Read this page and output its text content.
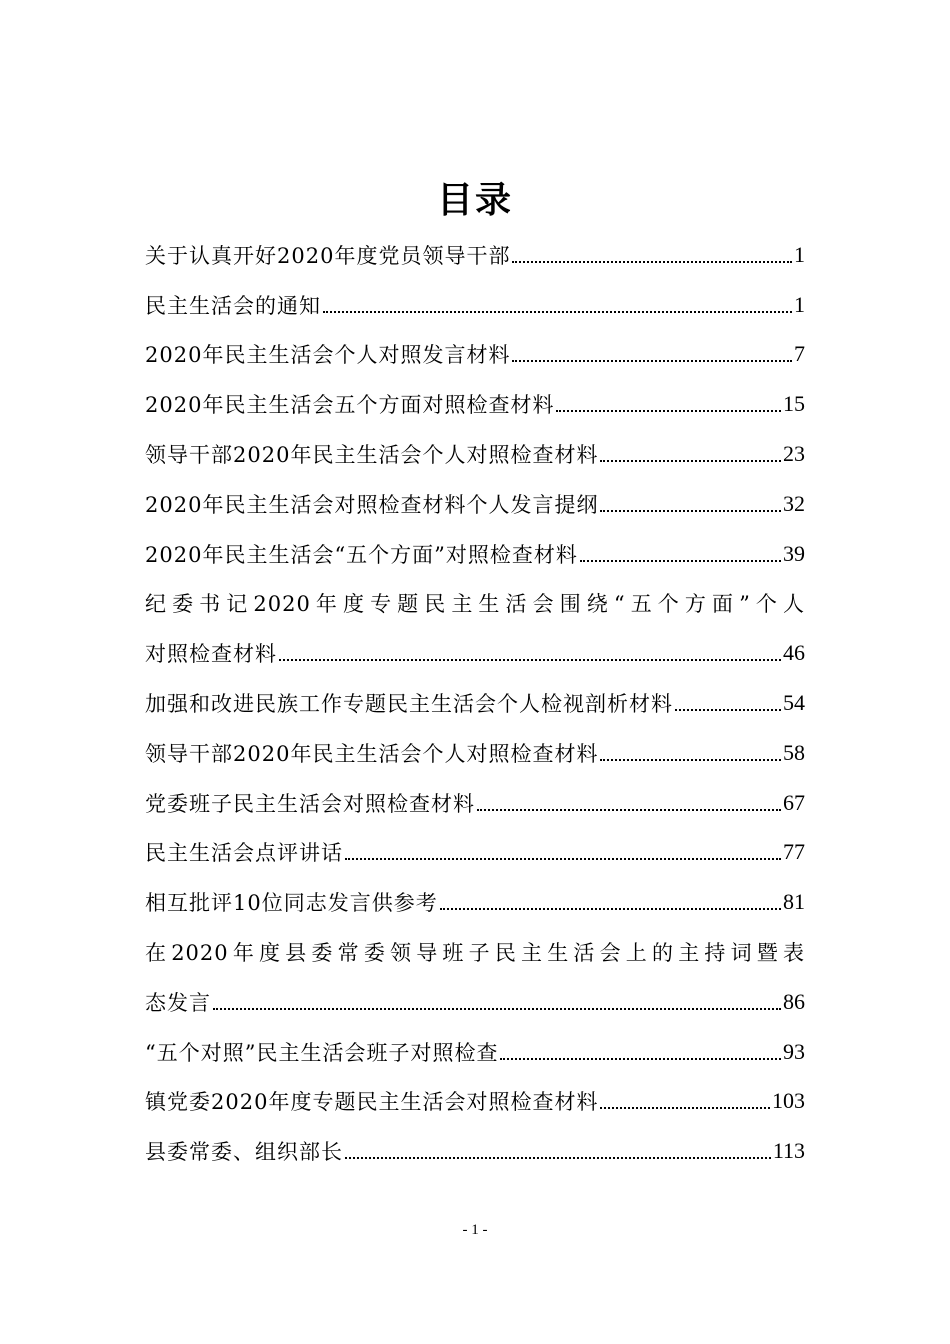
目录
关于认真开好2020年度党员领导干部	1
民主生活会的通知	1
2020年民主生活会个人对照发言材料	7
2020年民主生活会五个方面对照检查材料	15
领导干部2020年民主生活会个人对照检查材料	23
2020年民主生活会对照检查材料个人发言提纲	32
2020年民主生活会“五个方面”对照检查材料	39
纪委书记2020年度专题民主生活会围绕“五个方面”个人
对照检查材料	46
加强和改进民族工作专题民主生活会个人检视剖析材料	54
领导干部2020年民主生活会个人对照检查材料	58
党委班子民主生活会对照检查材料	67
民主生活会点评讲话	77
相互批评10位同志发言供参考	81
在2020年度县委常委领导班子民主生活会上的主持词暨表
态发言	86
“五个对照”民主生活会班子对照检查	93
镇党委2020年度专题民主生活会对照检查材料	103
县委常委、组织部长	113
- 1 -
